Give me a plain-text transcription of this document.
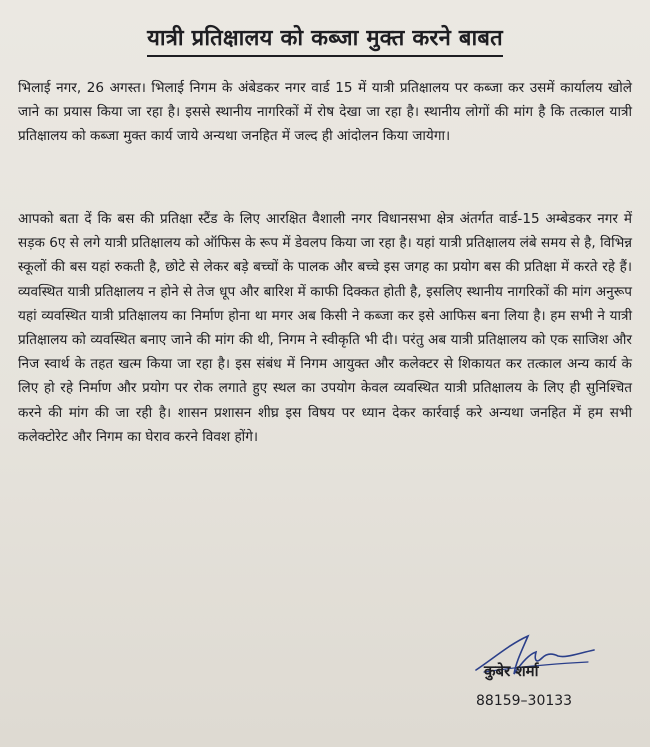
यात्री प्रतिक्षालय को कब्जा मुक्त करने बाबत

भिलाई नगर, 26 अगस्त। भिलाई निगम के अंबेडकर नगर वार्ड 15 में यात्री प्रतिक्षालय पर कब्जा कर उसमें कार्यालय खोले जाने का प्रयास किया जा रहा है। इससे स्थानीय नागरिकों में रोष देखा जा रहा है। स्थानीय लोगों की मांग है कि तत्काल यात्री प्रतिक्षालय को कब्जा मुक्त कार्य जाये अन्यथा जनहित में जल्द ही आंदोलन किया जायेगा।

आपको बता दें कि बस की प्रतिक्षा स्टैंड के लिए आरक्षित वैशाली नगर विधानसभा क्षेत्र अंतर्गत वार्ड-15 अम्बेडकर नगर में सड़क 6ए से लगे यात्री प्रतिक्षालय को ऑफिस के रूप में डेवलप किया जा रहा है। यहां यात्री प्रतिक्षालय लंबे समय से है, विभिन्न स्कूलों की बस यहां रुकती है, छोटे से लेकर बड़े बच्चों के पालक और बच्चे इस जगह का प्रयोग बस की प्रतिक्षा में करते रहे हैं। व्यवस्थित यात्री प्रतिक्षालय न होने से तेज धूप और बारिश में काफी दिक्कत होती है, इसलिए स्थानीय नागरिकों की मांग अनुरूप यहां व्यवस्थित यात्री प्रतिक्षालय का निर्माण होना था मगर अब किसी ने कब्जा कर इसे आफिस बना लिया है। हम सभी ने यात्री प्रतिक्षालय को व्यवस्थित बनाए जाने की मांग की थी, निगम ने स्वीकृति भी दी। परंतु अब यात्री प्रतिक्षालय को एक साजिश और निज स्वार्थ के तहत खत्म किया जा रहा है। इस संबंध में निगम आयुक्त और कलेक्टर से शिकायत कर तत्काल अन्य कार्य के लिए हो रहे निर्माण और प्रयोग पर रोक लगाते हुए स्थल का उपयोग केवल व्यवस्थित यात्री प्रतिक्षालय के लिए ही सुनिश्चित करने की मांग की जा रही है। शासन प्रशासन शीघ्र इस विषय पर ध्यान देकर कार्रवाई करे अन्यथा जनहित में हम सभी कलेक्टोरेट और निगम का घेराव करने विवश होंगे।

कुबेर शर्मा
88159–30133
